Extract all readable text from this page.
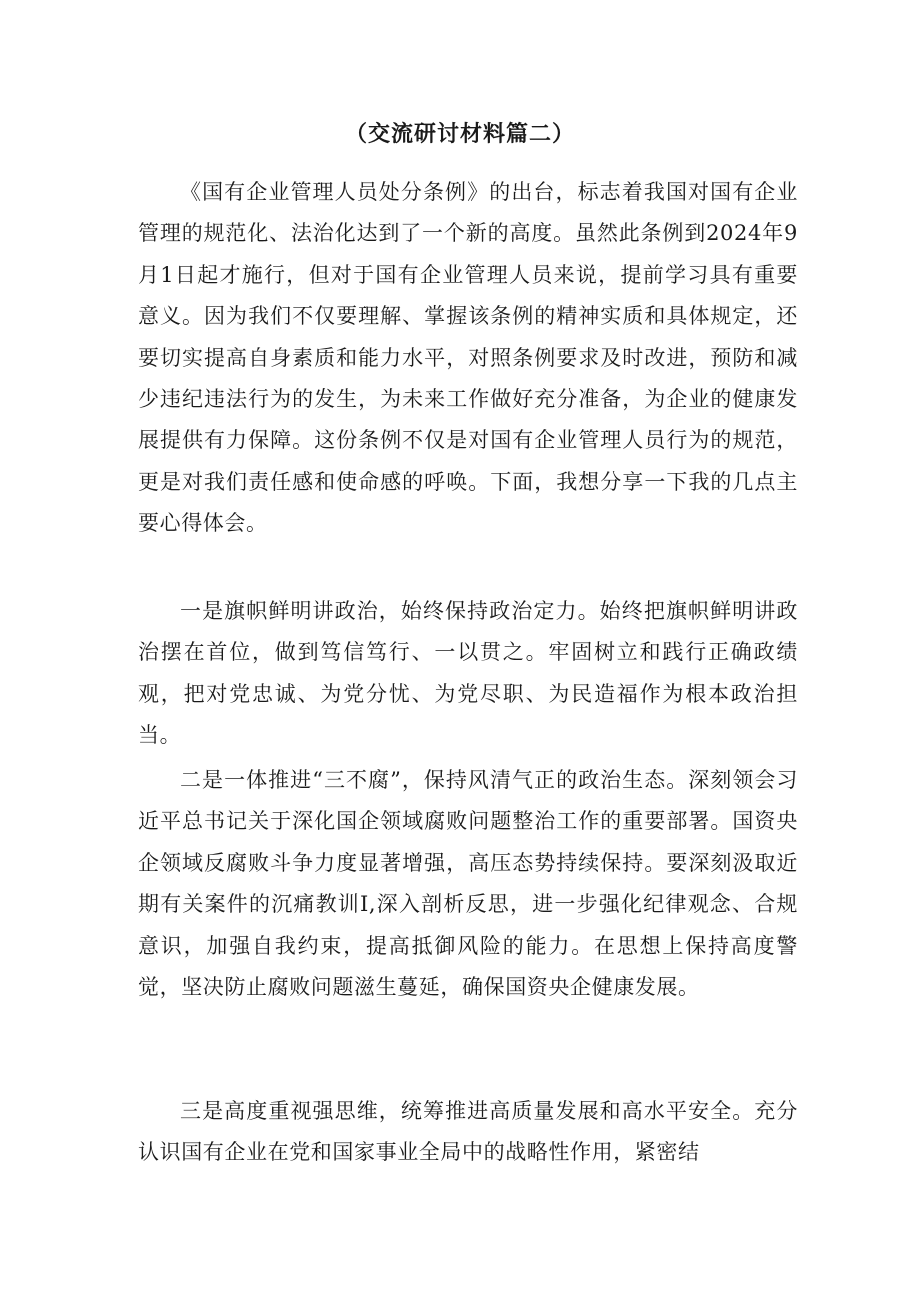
（交流研讨材料篇二）

《国有企业管理人员处分条例》的出台，标志着我国对国有企业管理的规范化、法治化达到了一个新的高度。虽然此条例到2024年9月1日起才施行，但对于国有企业管理人员来说，提前学习具有重要意义。因为我们不仅要理解、掌握该条例的精神实质和具体规定，还要切实提高自身素质和能力水平，对照条例要求及时改进，预防和减少违纪违法行为的发生，为未来工作做好充分准备，为企业的健康发展提供有力保障。这份条例不仅是对国有企业管理人员行为的规范，更是对我们责任感和使命感的呼唤。下面，我想分享一下我的几点主要心得体会。

一是旗帜鲜明讲政治，始终保持政治定力。始终把旗帜鲜明讲政治摆在首位，做到笃信笃行、一以贯之。牢固树立和践行正确政绩观，把对党忠诚、为党分忧、为党尽职、为民造福作为根本政治担当。

二是一体推进“三不腐”，保持风清气正的政治生态。深刻领会习近平总书记关于深化国企领域腐败问题整治工作的重要部署。国资央企领域反腐败斗争力度显著增强，高压态势持续保持。要深刻汲取近期有关案件的沉痛教训I,深入剖析反思，进一步强化纪律观念、合规意识，加强自我约束，提高抵御风险的能力。在思想上保持高度警觉，坚决防止腐败问题滋生蔓延，确保国资央企健康发展。

三是高度重视强思维，统筹推进高质量发展和高水平安全。充分认识国有企业在党和国家事业全局中的战略性作用，紧密结
